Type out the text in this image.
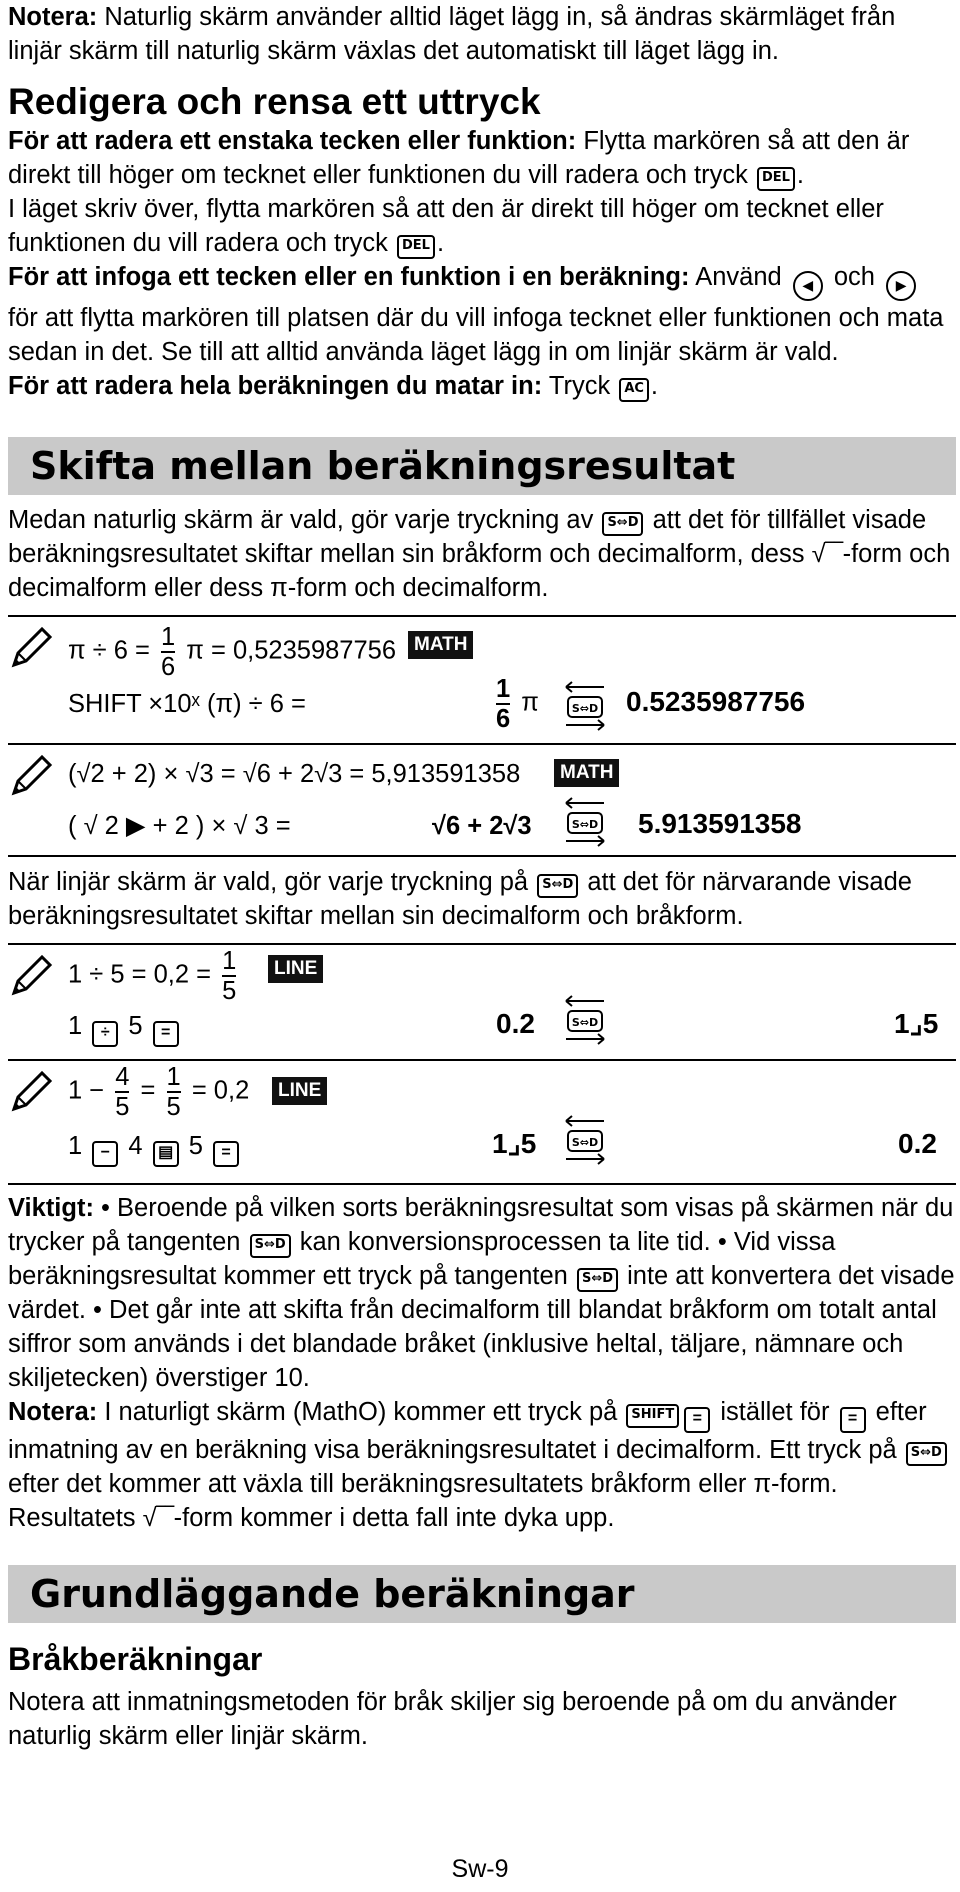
Notera: Naturlig skärm använder alltid läget lägg in, så ändras skärmläget från linjär skärm till naturlig skärm växlas det automatiskt till läget lägg in.

Redigera och rensa ett uttryck

För att radera ett enstaka tecken eller funktion: Flytta markören så att den är direkt till höger om tecknet eller funktionen du vill radera och tryck DEL .

I läget skriv över, flytta markören så att den är direkt till höger om tecknet eller funktionen du vill radera och tryck DEL .

För att infoga ett tecken eller en funktion i en beräkning: Använd ◀ och ▶ för att flytta markören till platsen där du vill infoga tecknet eller funktionen och mata sedan in det. Se till att alltid använda läget lägg in om linjär skärm är vald.

För att radera hela beräkningen du matar in: Tryck AC .

Skifta mellan beräkningsresultat

Medan naturlig skärm är vald, gör varje tryckning av S⇔D att det för tillfället visade beräkningsresultatet skiftar mellan sin bråkform och decimalform, dess √‾‾-form och decimalform eller dess π-form och decimalform.

$\pi \div 6 = \frac{1}{6}$ π = 0,5235987756 MATH
SHIFT ×10ˣ (π) ÷ 6 =	$\frac{1}{6}$ π	S⇔D 0.5235987756
(√2 + 2) × √3 = √6 + 2√3 = 5,913591358	MATH
( √ 2 ▶ + 2 ) × √ 3 =	√6 + 2√3	S⇔D 5.913591358

När linjär skärm är vald, gör varje tryckning på S⇔D att det för närvarande visade beräkningsresultatet skiftar mellan sin decimalform och bråkform.

$1 \div 5 = 0,2 = \frac{1}{5}$	LINE
1 ÷ 5 =	0.2	S⇔D	1⌟5
$1 - \frac{4}{5} = \frac{1}{5} = 0,2$	LINE
1 − 4 ▤ 5 =	1⌟5	S⇔D	0.2

Viktigt: • Beroende på vilken sorts beräkningsresultat som visas på skärmen när du trycker på tangenten S⇔D kan konversionsprocessen ta lite tid. • Vid vissa beräkningsresultat kommer ett tryck på tangenten S⇔D inte att konvertera det visade värdet. • Det går inte att skifta från decimalform till blandat bråkform om totalt antal siffror som används i det blandade bråket (inklusive heltal, täljare, nämnare och skiljetecken) överstiger 10.

Notera: I naturligt skärm (MathO) kommer ett tryck på SHIFT = istället för = efter inmatning av en beräkning visa beräkningsresultatet i decimalform. Ett tryck på S⇔D efter det kommer att växla till beräkningsresultatets bråkform eller π-form. Resultatets √‾‾-form kommer i detta fall inte dyka upp.

Grundläggande beräkningar
Bråkberäkningar

Notera att inmatningsmetoden för bråk skiljer sig beroende på om du använder naturlig skärm eller linjär skärm.

Sw-9
